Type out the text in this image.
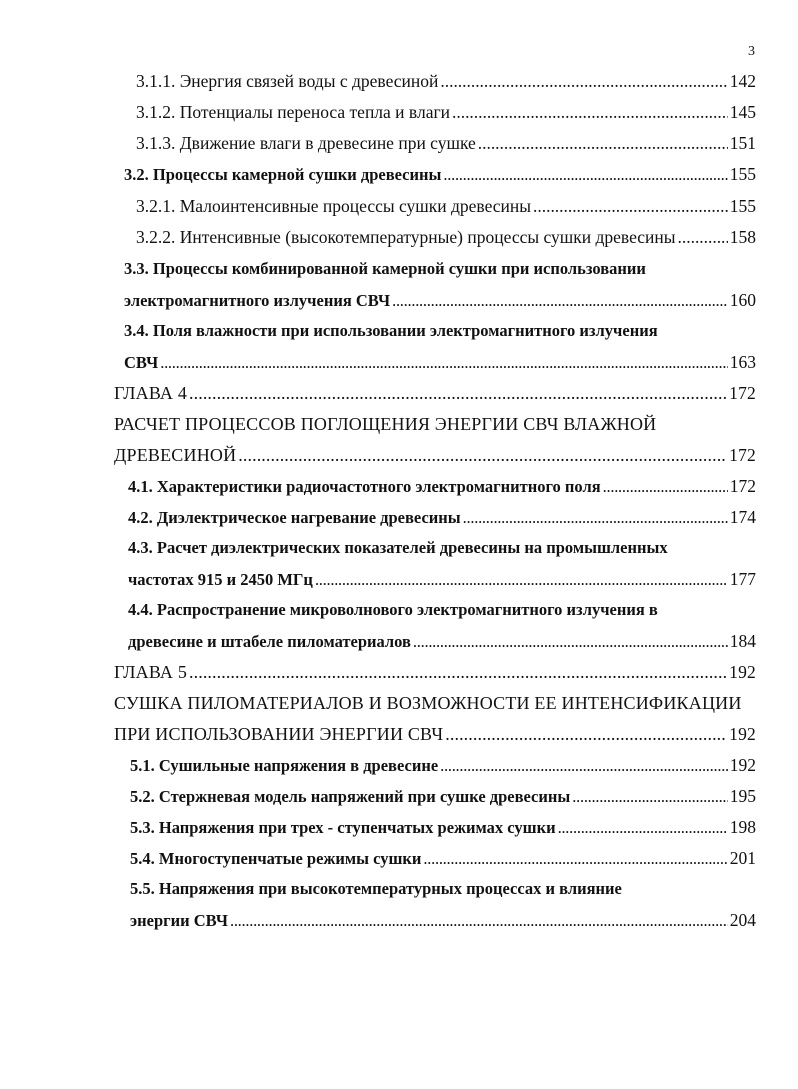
3
3.1.1. Энергия связей воды с древесиной . . .	142
3.1.2. Потенциалы переноса тепла и влаги . . .	145
3.1.3. Движение влаги в древесине при сушке . . .	151
3.2. Процессы камерной сушки древесины . . .	155
3.2.1. Малоинтенсивные процессы сушки древесины . . .	155
3.2.2. Интенсивные (высокотемпературные) процессы сушки древесины . . .	158
3.3. Процессы комбинированной камерной сушки при использовании
электромагнитного излучения СВЧ . . .	160
3.4. Поля влажности при использовании электромагнитного излучения
СВЧ . . .	163
ГЛАВА 4 . . .	172
РАСЧЕТ ПРОЦЕССОВ ПОГЛОЩЕНИЯ ЭНЕРГИИ СВЧ ВЛАЖНОЙ
ДРЕВЕСИНОЙ . . .	172
4.1. Характеристики радиочастотного электромагнитного поля . . .	172
4.2. Диэлектрическое нагревание древесины . . .	174
4.3. Расчет диэлектрических показателей древесины на промышленных
частотах 915 и 2450 МГц . . .	177
4.4. Распространение микроволнового электромагнитного излучения в
древесине и штабеле пиломатериалов . . .	184
ГЛАВА 5 . . .	192
СУШКА ПИЛОМАТЕРИАЛОВ И ВОЗМОЖНОСТИ ЕЕ ИНТЕНСИФИКАЦИИ
ПРИ ИСПОЛЬЗОВАНИИ ЭНЕРГИИ СВЧ . . .	192
5.1. Сушильные напряжения в древесине . . .	192
5.2. Стержневая модель напряжений при сушке древесины . . .	195
5.3. Напряжения при трех - ступенчатых режимах сушки . . .	198
5.4. Многоступенчатые режимы сушки . . .	201
5.5. Напряжения при высокотемпературных процессах и влияние
энергии СВЧ . . .	204
